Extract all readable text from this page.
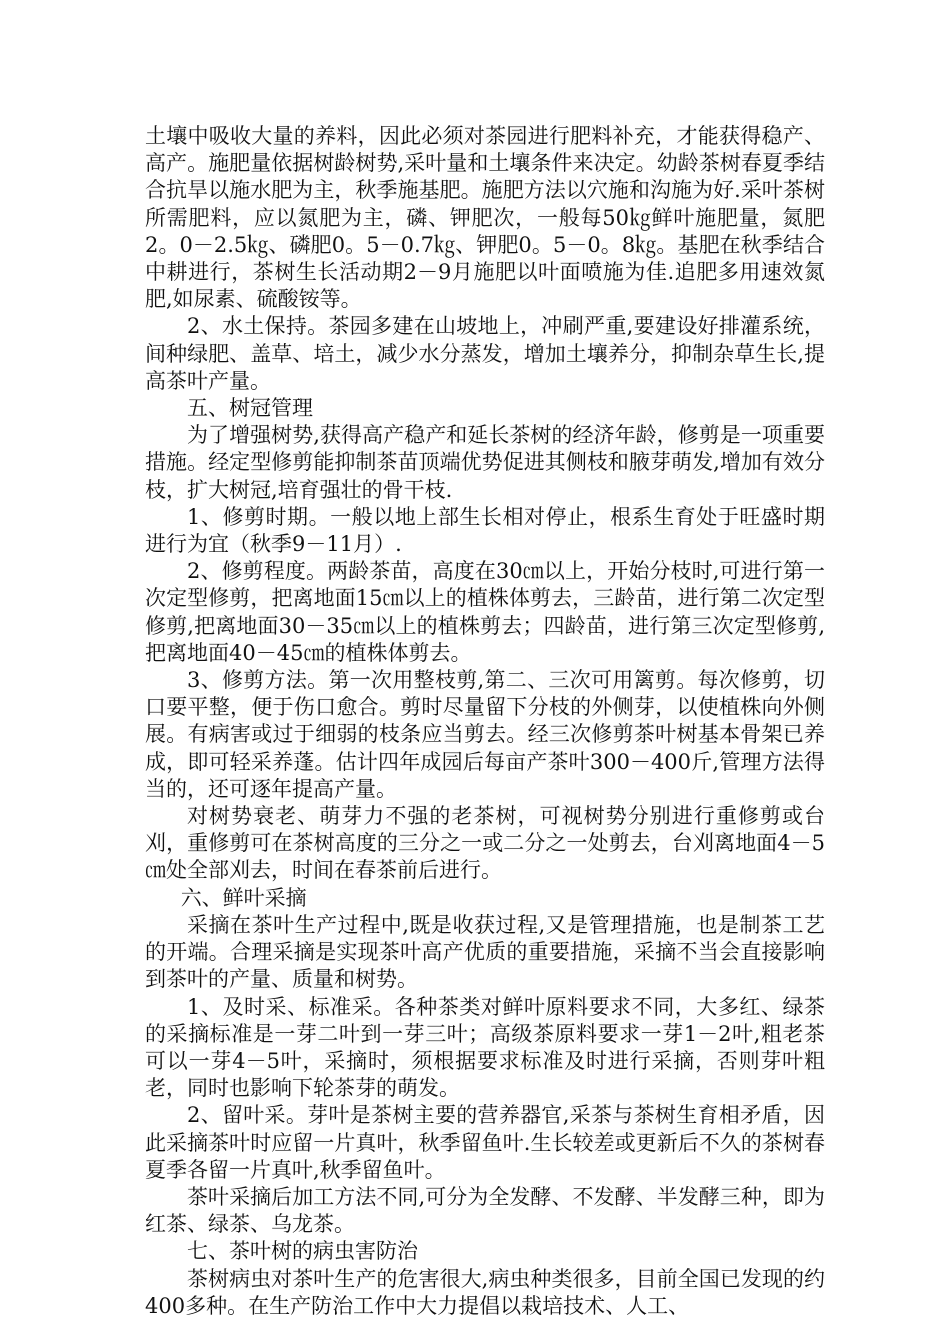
土壤中吸收大量的养料，因此必须对茶园进行肥料补充，才能获得稳产、高产。施肥量依据树龄树势,采叶量和土壤条件来决定。幼龄茶树春夏季结合抗旱以施水肥为主，秋季施基肥。施肥方法以穴施和沟施为好.采叶茶树所需肥料，应以氮肥为主，磷、钾肥次，一般每50㎏鲜叶施肥量，氮肥2。0－2.5㎏、磷肥0。5－0.7㎏、钾肥0。5－0。8㎏。基肥在秋季结合中耕进行，茶树生长活动期2－9月施肥以叶面喷施为佳.追肥多用速效氮肥,如尿素、硫酸铵等。

2、水土保持。茶园多建在山坡地上，冲刷严重,要建设好排灌系统，间种绿肥、盖草、培土，减少水分蒸发，增加土壤养分，抑制杂草生长,提高茶叶产量。

五、树冠管理

为了增强树势,获得高产稳产和延长茶树的经济年龄，修剪是一项重要措施。经定型修剪能抑制茶苗顶端优势促进其侧枝和腋芽萌发,增加有效分枝，扩大树冠,培育强壮的骨干枝.

1、修剪时期。一般以地上部生长相对停止，根系生育处于旺盛时期进行为宜（秋季9－11月）.

2、修剪程度。两龄茶苗，高度在30㎝以上，开始分枝时,可进行第一次定型修剪，把离地面15㎝以上的植株体剪去，三龄苗，进行第二次定型修剪,把离地面30－35㎝以上的植株剪去；四龄苗，进行第三次定型修剪,把离地面40－45㎝的植株体剪去。

3、修剪方法。第一次用整枝剪,第二、三次可用篱剪。每次修剪，切口要平整，便于伤口愈合。剪时尽量留下分枝的外侧芽，以使植株向外侧展。有病害或过于细弱的枝条应当剪去。经三次修剪茶叶树基本骨架已养成，即可轻采养蓬。估计四年成园后每亩产茶叶300－400斤,管理方法得当的，还可逐年提高产量。

对树势衰老、萌芽力不强的老茶树，可视树势分别进行重修剪或台刈，重修剪可在茶树高度的三分之一或二分之一处剪去，台刈离地面4－5㎝处全部刈去，时间在春茶前后进行。

六、鲜叶采摘

采摘在茶叶生产过程中,既是收获过程,又是管理措施，也是制茶工艺的开端。合理采摘是实现茶叶高产优质的重要措施，采摘不当会直接影响到茶叶的产量、质量和树势。

1、及时采、标准采。各种茶类对鲜叶原料要求不同，大多红、绿茶的采摘标准是一芽二叶到一芽三叶；高级茶原料要求一芽1－2叶,粗老茶可以一芽4－5叶，采摘时，须根据要求标准及时进行采摘，否则芽叶粗老，同时也影响下轮茶芽的萌发。

2、留叶采。芽叶是茶树主要的营养器官,采茶与茶树生育相矛盾，因此采摘茶叶时应留一片真叶，秋季留鱼叶.生长较差或更新后不久的茶树春夏季各留一片真叶,秋季留鱼叶。

茶叶采摘后加工方法不同,可分为全发酵、不发酵、半发酵三种，即为红茶、绿茶、乌龙茶。

七、茶叶树的病虫害防治

茶树病虫对茶叶生产的危害很大,病虫种类很多，目前全国已发现的约400多种。在生产防治工作中大力提倡以栽培技术、人工、
